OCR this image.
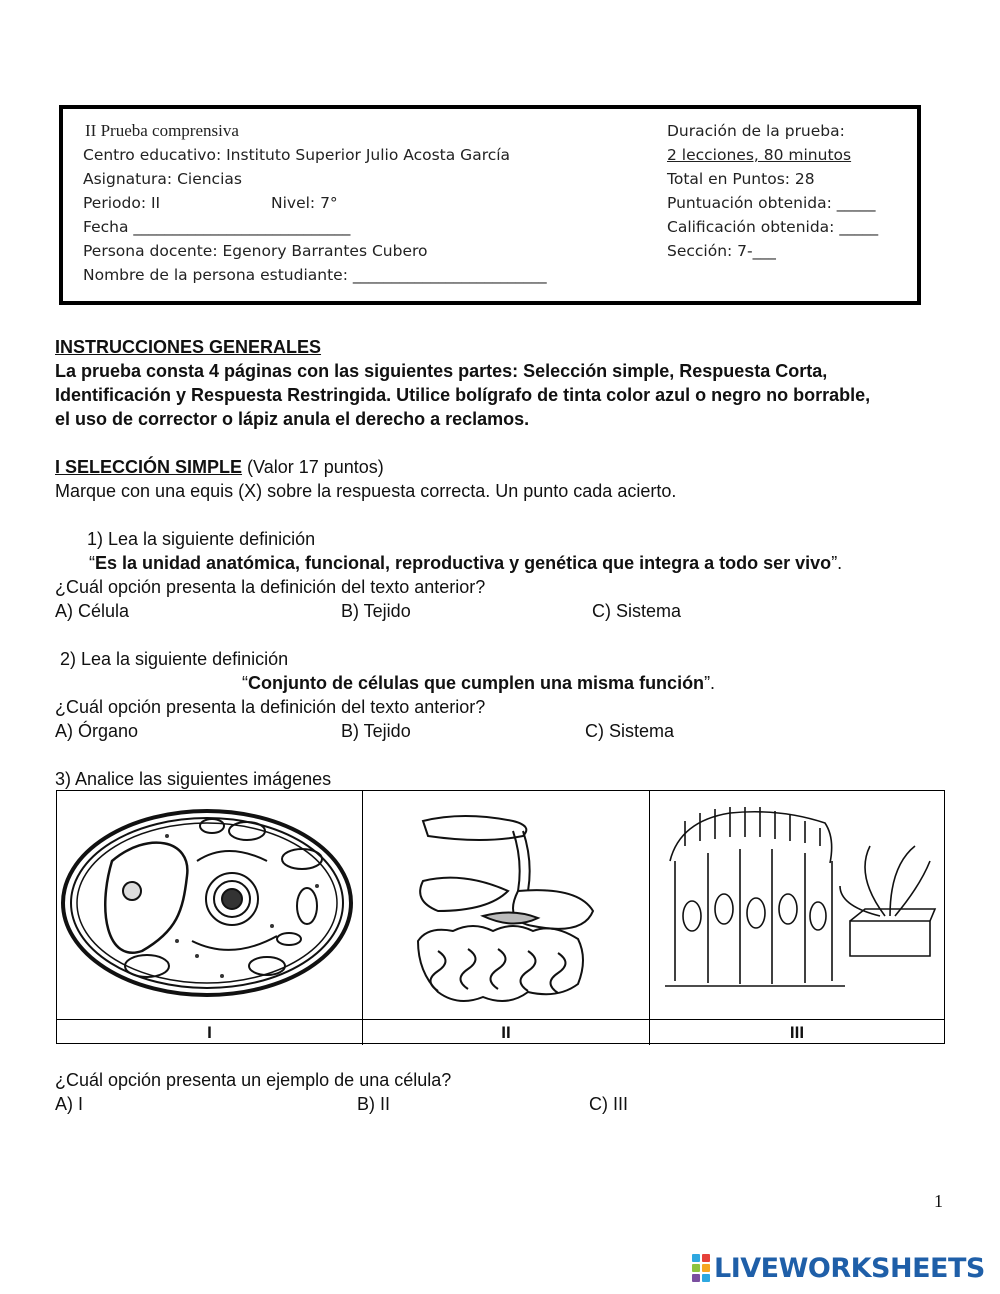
II Prueba comprensiva
Centro educativo: Instituto Superior Julio Acosta García
Asignatura: Ciencias
Periodo: II	Nivel: 7°
Fecha ____________________________
Persona docente: Egenory Barrantes Cubero
Nombre de la persona estudiante: _________________________
Duración de la prueba:
2 lecciones, 80 minutos
Total en Puntos: 28
Puntuación obtenida: _____
Calificación obtenida: _____
Sección: 7-___
INSTRUCCIONES GENERALES
La prueba consta 4 páginas con las siguientes partes: Selección simple, Respuesta Corta,
Identificación y Respuesta Restringida. Utilice bolígrafo de tinta color azul o negro no borrable,
el uso de corrector o lápiz anula el derecho a reclamos.
I SELECCIÓN SIMPLE (Valor 17 puntos)
Marque con una equis (X) sobre la respuesta correcta. Un punto cada acierto.
1) Lea la siguiente definición
“Es la unidad anatómica, funcional, reproductiva y genética que integra a todo ser vivo”.
¿Cuál opción presenta la definición del texto anterior?
A) Célula	B) Tejido	C) Sistema
2) Lea la siguiente definición
“Conjunto de células que cumplen una misma función”.
¿Cuál opción presenta la definición del texto anterior?
A) Órgano	B) Tejido	C) Sistema
3) Analice las siguientes imágenes
I	II	III
¿Cuál opción presenta un ejemplo de una célula?
A) I	B) II	C) III
1
LIVEWORKSHEETS
